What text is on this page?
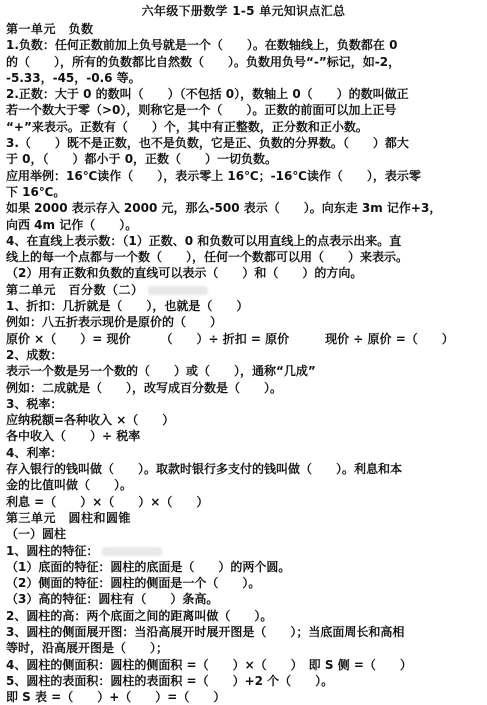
六年级下册数学 1-5 单元知识点汇总
第一单元　负数
1.负数：任何正数前加上负号就是一个（　　）。在数轴线上，负数都在 0
的（　　），所有的负数都比自然数（　　）。负数用负号“-”标记，如-2，
-5.33，-45，-0.6 等。
2.正数：大于 0 的数叫（　　）（不包括 0），数轴上 0（　　）的数叫做正
若一个数大于零（>0），则称它是一个（　　）。正数的前面可以加上正号
“+”来表示。正数有（　　）个，其中有正整数，正分数和正小数。
3.（　　）既不是正数，也不是负数，它是正、负数的分界数。（　　）都大
于 0，（　　）都小于 0，正数（　　）一切负数。
应用举例：16℃读作（　　），表示零上 16℃；-16℃读作（　　），表示零
下 16℃。
如果 2000 表示存入 2000 元，那么-500 表示（　　）。向东走 3m 记作+3，
向西 4m 记作（　　）。
4、在直线上表示数：（1）正数、0 和负数可以用直线上的点表示出来。直
线上的每一个点都与一个数（　　），任何一个数都可以用（　　）来表示。
（2）用有正数和负数的直线可以表示（　　）和（　　）的方向。
第二单元　百分数（二）
1、折扣：几折就是（　　），也就是（　　）
例如：八五折表示现价是原价的（　　）
原价 ×（　　）= 现价　　　（　　）÷ 折扣 = 原价　　　现价 ÷ 原价 =（　　）
2、成数：
表示一个数是另一个数的（　　）或（　　），通称“几成”
例如：二成就是（　　），改写成百分数是（　　）。
3、税率：
应纳税额=各种收入 ×（　　）
各中收入（　　）÷ 税率
4、利率：
存入银行的钱叫做（　　）。取款时银行多支付的钱叫做（　　）。利息和本
金的比值叫做（　　）。
利息 =（　　）×（　　）×（　　）
第三单元　圆柱和圆锥
（一）圆柱
1、圆柱的特征：
（1）底面的特征：圆柱的底面是（　　）的两个圆。
（2）侧面的特征：圆柱的侧面是一个（　　）。
（3）高的特征：圆柱有（　　）条高。
2、圆柱的高：两个底面之间的距离叫做（　　）。
3、圆柱的侧面展开图：当沿高展开时展开图是（　　）；当底面周长和高相
等时，沿高展开图是（　　）；
4、圆柱的侧面积：圆柱的侧面积 =（　　）×（　　）　即 S 侧 =（　　）
5、圆柱的表面积：圆柱的表面积 =（　　）+2 个（　　）。
即 S 表 =（　　）+（　　）=（　　）
